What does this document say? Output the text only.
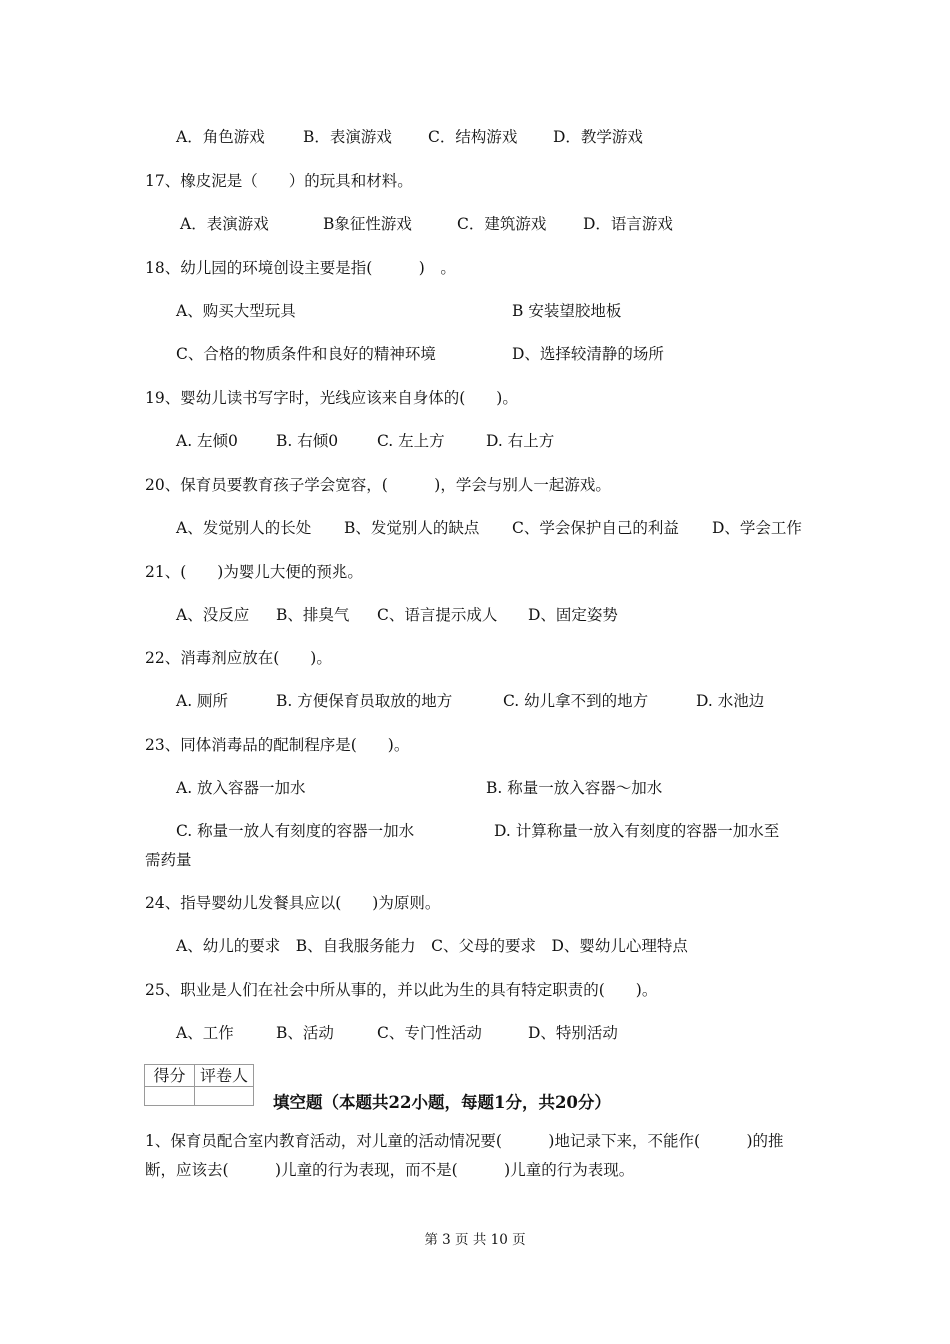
A．角色游戏 B．表演游戏 C．结构游戏 D．教学游戏
17、橡皮泥是（　　）的玩具和材料。
A．表演游戏	B象征性游戏	C．建筑游戏 D．语言游戏
18、幼儿园的环境创设主要是指(　　　)　。
A、购买大型玩具	B 安装望胶地板
C、合格的物质条件和良好的精神环境	D、选择较清静的场所
19、婴幼儿读书写字时，光线应该来自身体的(　　)。
A. 左倾0 B. 右倾0	C. 左上方	D. 右上方
20、保育员要教育孩子学会宽容，(　　　)，学会与别人一起游戏。
A、发觉别人的长处 B、发觉别人的缺点 C、学会保护自己的利益 D、学会工作
21、(　　)为婴儿大便的预兆。
A、没反应 B、排臭气 C、语言提示成人 D、固定姿势
22、消毒剂应放在(　　)。
A. 厕所	B. 方便保育员取放的地方	C. 幼儿拿不到的地方	D. 水池边
23、同体消毒品的配制程序是(　　)。
A. 放入容器一加水	B. 称量一放入容器～加水
C. 称量一放人有刻度的容器一加水	D. 计算称量一放入有刻度的容器一加水至
需药量
24、指导婴幼儿发餐具应以(　　)为原则。
A、幼儿的要求　B、自我服务能力　C、父母的要求　D、婴幼儿心理特点
25、职业是人们在社会中所从事的，并以此为生的具有特定职责的(　　)。
A、工作	B、活动	C、专门性活动	D、特别活动
得分 评卷人
填空题（本题共22小题，每题1分，共20分）
1、保育员配合室内教育活动，对儿童的活动情况要(　　　)地记录下来，不能作(　　　)的推
断，应该去(　　　)儿童的行为表现，而不是(　　　)儿童的行为表现。
第 3 页 共 10 页
